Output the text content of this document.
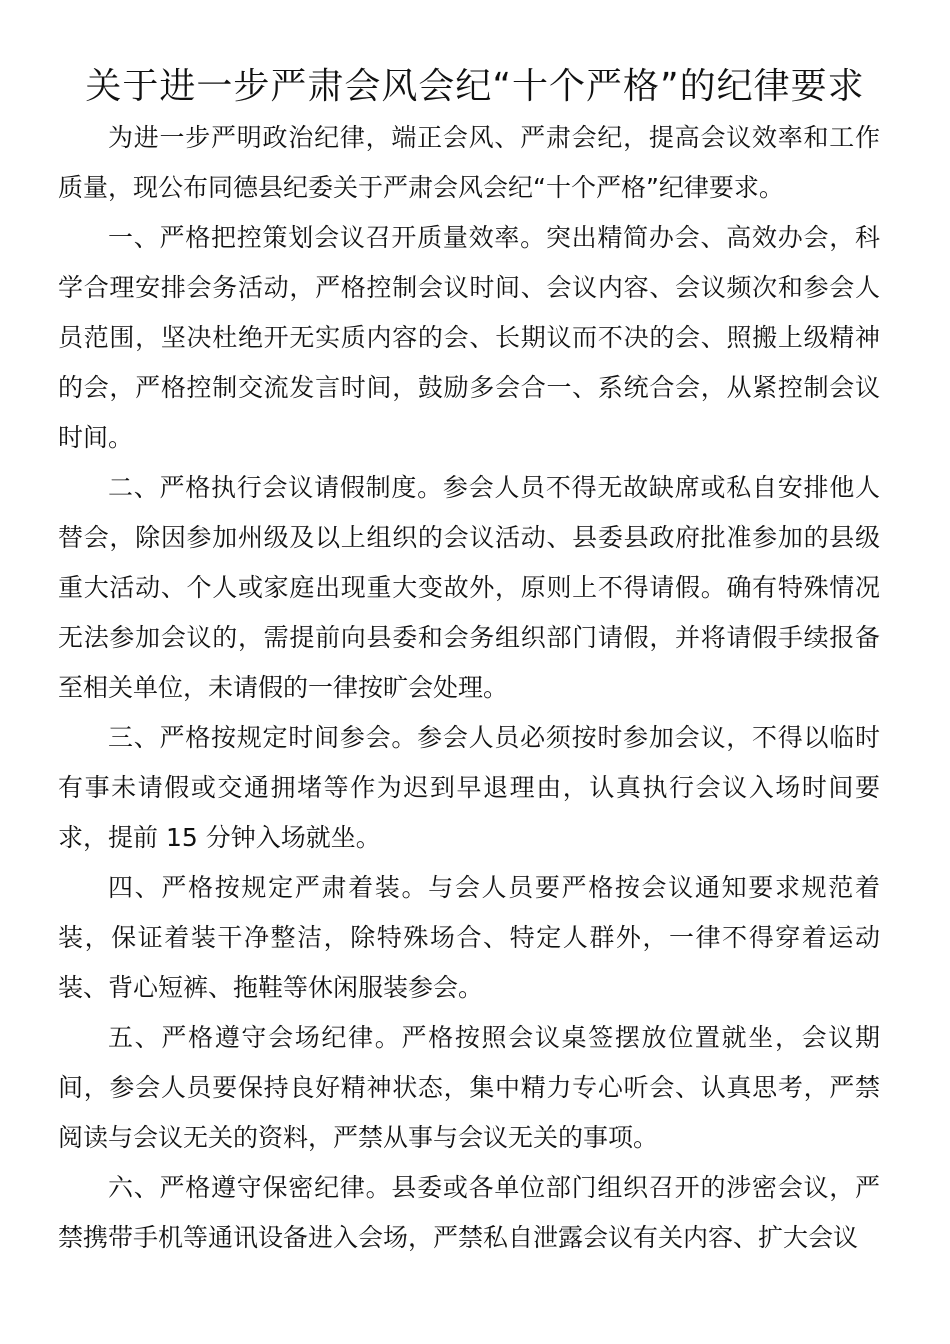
关于进一步严肃会风会纪“十个严格”的纪律要求

为进一步严明政治纪律，端正会风、严肃会纪，提高会议效率和工作质量，现公布同德县纪委关于严肃会风会纪“十个严格”纪律要求。

一、严格把控策划会议召开质量效率。突出精简办会、高效办会，科学合理安排会务活动，严格控制会议时间、会议内容、会议频次和参会人员范围，坚决杜绝开无实质内容的会、长期议而不决的会、照搬上级精神的会，严格控制交流发言时间，鼓励多会合一、系统合会，从紧控制会议时间。

二、严格执行会议请假制度。参会人员不得无故缺席或私自安排他人替会，除因参加州级及以上组织的会议活动、县委县政府批准参加的县级重大活动、个人或家庭出现重大变故外，原则上不得请假。确有特殊情况无法参加会议的，需提前向县委和会务组织部门请假，并将请假手续报备至相关单位，未请假的一律按旷会处理。

三、严格按规定时间参会。参会人员必须按时参加会议，不得以临时有事未请假或交通拥堵等作为迟到早退理由，认真执行会议入场时间要求，提前 15 分钟入场就坐。

四、严格按规定严肃着装。与会人员要严格按会议通知要求规范着装，保证着装干净整洁，除特殊场合、特定人群外，一律不得穿着运动装、背心短裤、拖鞋等休闲服装参会。

五、严格遵守会场纪律。严格按照会议桌签摆放位置就坐，会议期间，参会人员要保持良好精神状态，集中精力专心听会、认真思考，严禁阅读与会议无关的资料，严禁从事与会议无关的事项。

六、严格遵守保密纪律。县委或各单位部门组织召开的涉密会议，严禁携带手机等通讯设备进入会场，严禁私自泄露会议有关内容、扩大会议
